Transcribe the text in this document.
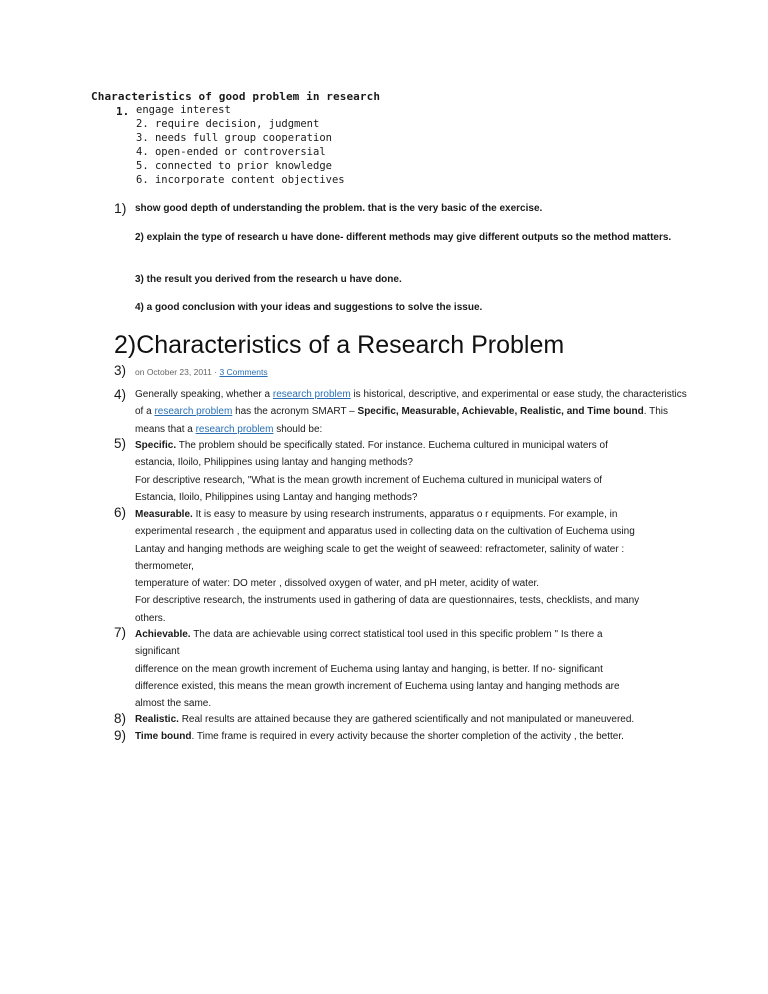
Characteristics of good problem in research
1. engage interest
2. require decision, judgment
3. needs full group cooperation
4. open-ended or controversial
5. connected to prior knowledge
6. incorporate content objectives
1) show good depth of understanding the problem. that is the very basic of the exercise.
2) explain the type of research u have done- different methods may give different outputs so the method matters.
3) the result you derived from the research u have done.
4) a good conclusion with your ideas and suggestions to solve the issue.
2)Characteristics of a Research Problem
3) on October 23, 2011 · 3 Comments
4) Generally speaking, whether a research problem is historical, descriptive, and experimental or ease study, the characteristics of a research problem has the acronym SMART – Specific, Measurable, Achievable, Realistic, and Time bound. This means that a research problem should be:
5) Specific. The problem should be specifically stated. For instance. Euchema cultured in municipal waters of
estancia, Iloilo, Philippines using lantay and hanging methods?
For descriptive research, "What is the mean growth increment of Euchema cultured in municipal waters of
Estancia, Iloilo, Philippines using Lantay and hanging methods?
6) Measurable. It is easy to measure by using research instruments, apparatus o r equipments. For example, in
experimental research , the equipment and apparatus used in collecting data on the cultivation of Euchema using
Lantay and hanging methods are weighing scale to get the weight of seaweed: refractometer, salinity of water :
thermometer,
temperature of water: DO meter , dissolved oxygen of water, and pH meter, acidity of water.
For descriptive research, the instruments used in gathering of data are questionnaires, tests, checklists, and many
others.
7) Achievable. The data are achievable using correct statistical tool used in this specific problem " Is there a
significant
difference on the mean growth increment of Euchema using lantay and hanging, is better. If no- significant
difference existed, this means the mean growth increment of Euchema using lantay and hanging methods are
almost the same.
8) Realistic. Real results are attained because they are gathered scientifically and not manipulated or maneuvered.
9) Time bound. Time frame is required in every activity because the shorter completion of the activity , the better.
